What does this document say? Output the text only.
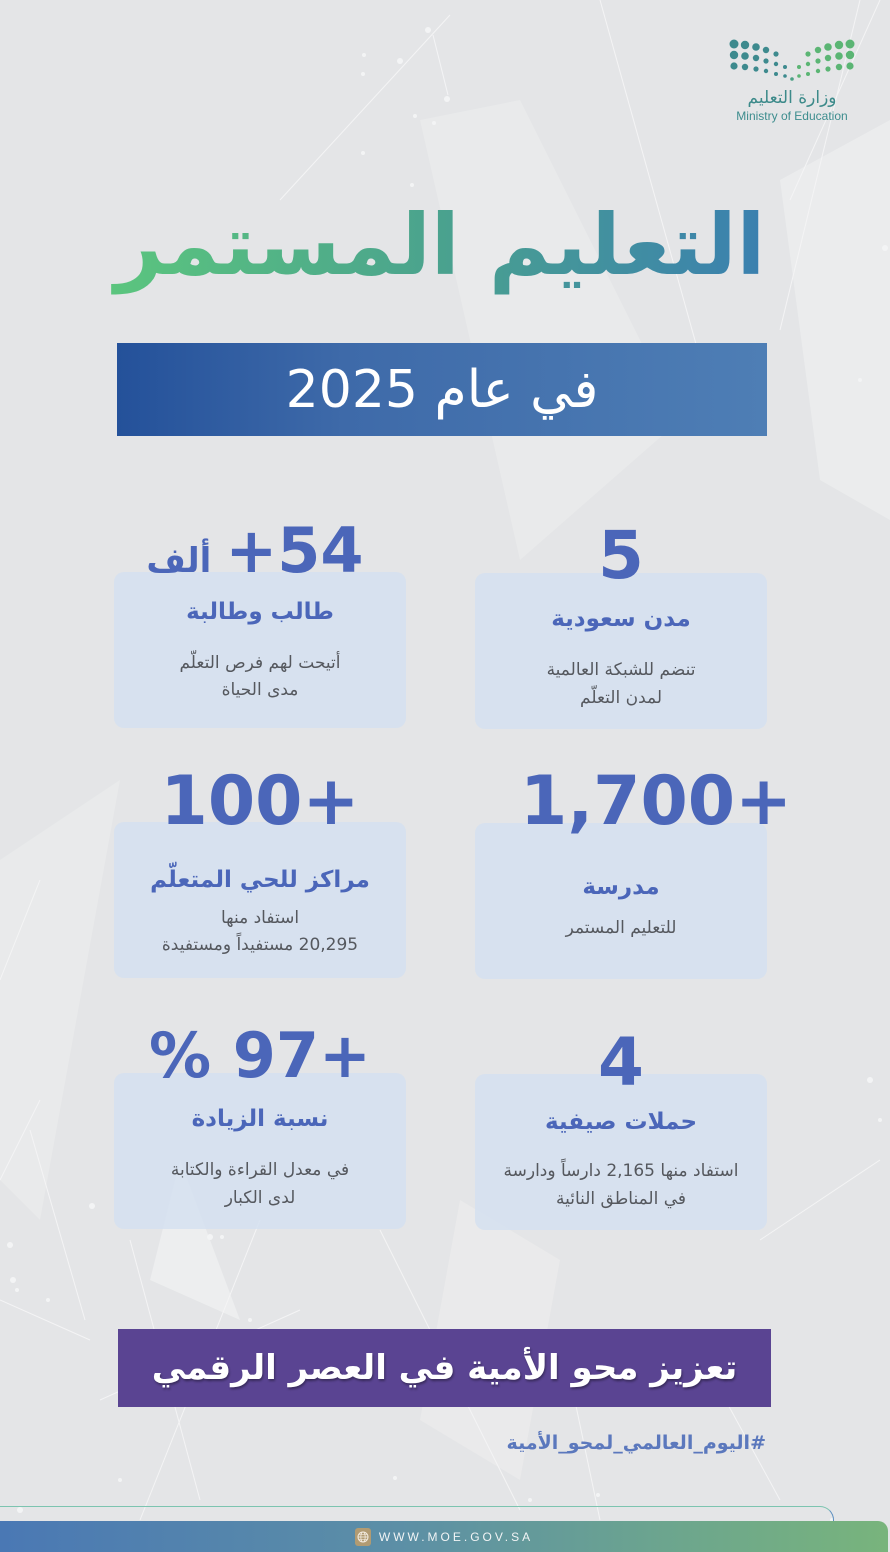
وزارة التعليم
Ministry of Education
التعليم المستمر
في عام 2025
طالب وطالبة
أتيحت لهم فرص التعلّم
مدى الحياة
ألف +54
مدن سعودية
تنضم للشبكة العالمية
لمدن التعلّم
5
مراكز للحي المتعلّم
استفاد منها
20,295 مستفيداً ومستفيدة
100+
مدرسة
للتعليم المستمر
1,700+
نسبة الزيادة
في معدل القراءة والكتابة
لدى الكبار
% 97+
حملات صيفية
استفاد منها 2,165 دارساً ودارسة
في المناطق النائية
4
تعزيز محو الأمية في العصر الرقمي
#اليوم_العالمي_لمحو_الأمية
WWW.MOE.GOV.SA
